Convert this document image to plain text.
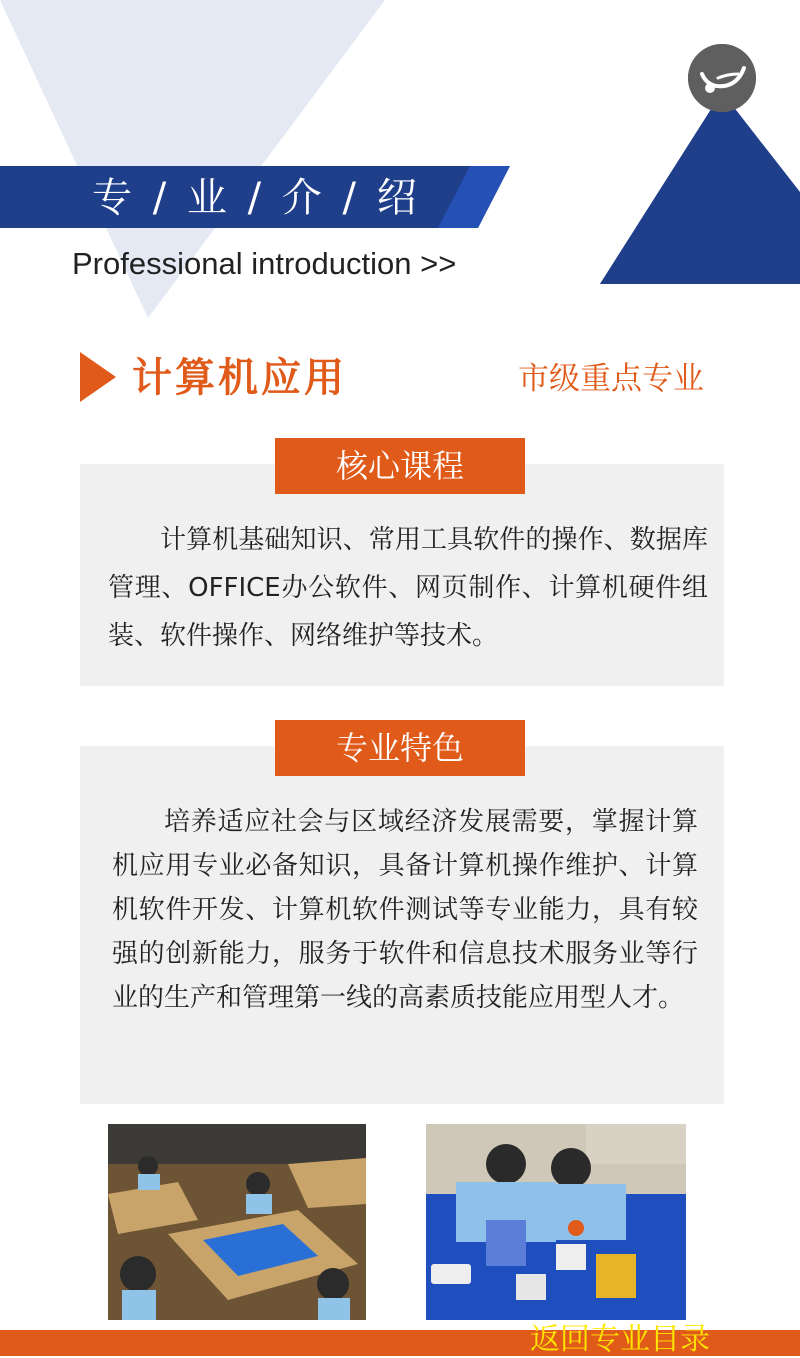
专 / 业 / 介 / 绍
Professional introduction >>
计算机应用	市级重点专业
核心课程

计算机基础知识、常用工具软件的操作、数据库管理、OFFICE办公软件、网页制作、计算机硬件组装、软件操作、网络维护等技术。

专业特色

培养适应社会与区域经济发展需要，掌握计算机应用专业必备知识，具备计算机操作维护、计算机软件开发、计算机软件测试等专业能力，具有较强的创新能力，服务于软件和信息技术服务业等行业的生产和管理第一线的高素质技能应用型人才。

返回专业目录
